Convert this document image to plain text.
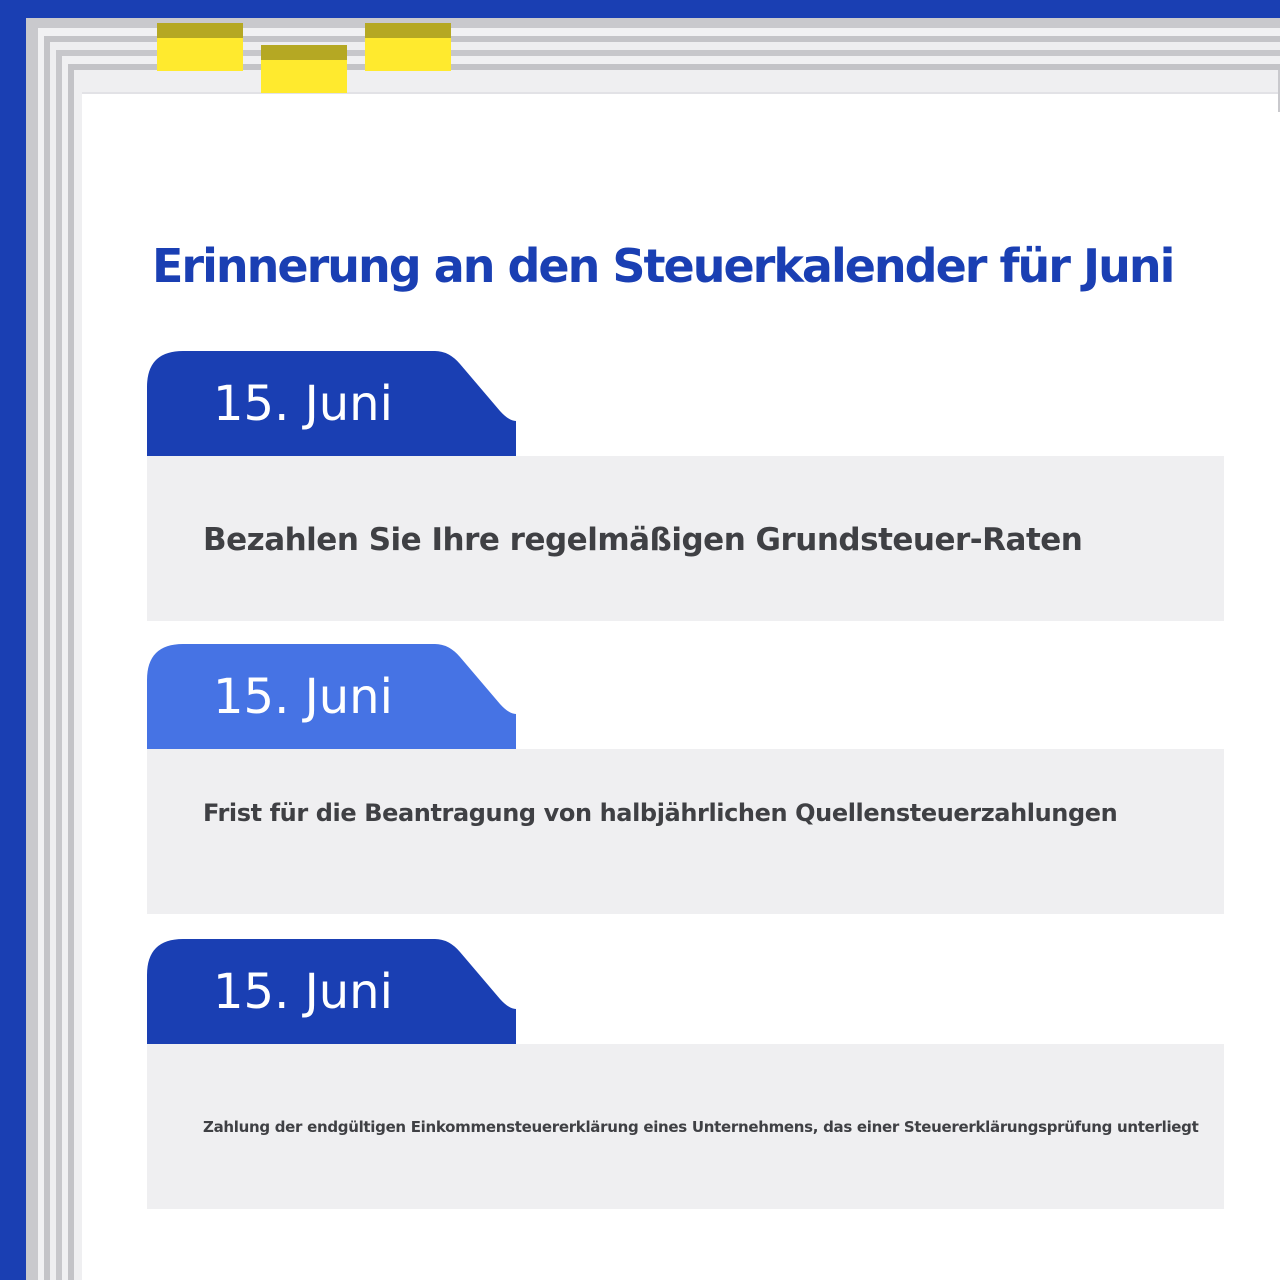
Erinnerung an den Steuerkalender für Juni
15. Juni
Bezahlen Sie Ihre regelmäßigen Grundsteuer-Raten
15. Juni
Frist für die Beantragung von halbjährlichen Quellensteuerzahlungen
15. Juni
Zahlung der endgültigen Einkommensteuererklärung eines Unternehmens, das einer Steuererklärungsprüfung unterliegt
